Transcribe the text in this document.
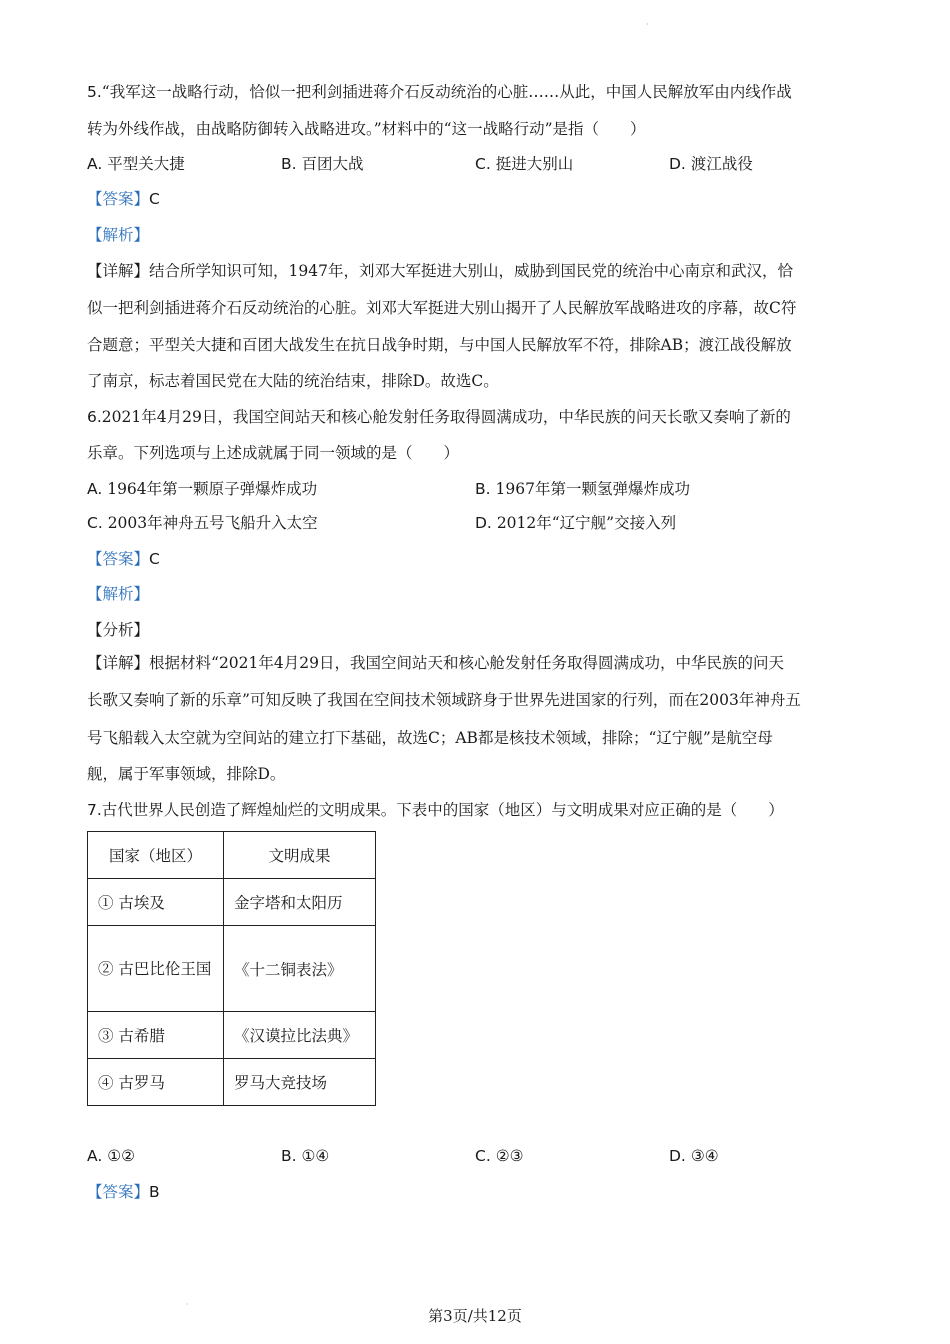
·
5.“我军这一战略行动，恰似一把利剑插进蒋介石反动统治的心脏……从此，中国人民解放军由内线作战
转为外线作战，由战略防御转入战略进攻。”材料中的“这一战略行动”是指（　　）
A. 平型关大捷	B. 百团大战	C. 挺进大别山	D. 渡江战役
【答案】C
【解析】
【详解】结合所学知识可知，1947年，刘邓大军挺进大别山，威胁到国民党的统治中心南京和武汉，恰
似一把利剑插进蒋介石反动统治的心脏。刘邓大军挺进大别山揭开了人民解放军战略进攻的序幕，故C符
合题意；平型关大捷和百团大战发生在抗日战争时期，与中国人民解放军不符，排除AB；渡江战役解放
了南京，标志着国民党在大陆的统治结束，排除D。故选C。
6.2021年4月29日，我国空间站天和核心舱发射任务取得圆满成功，中华民族的问天长歌又奏响了新的
乐章。下列选项与上述成就属于同一领域的是（　　）
A. 1964年第一颗原子弹爆炸成功	B. 1967年第一颗氢弹爆炸成功
C. 2003年神舟五号飞船升入太空	D. 2012年“辽宁舰”交接入列
【答案】C
【解析】
【分析】
【详解】根据材料“2021年4月29日，我国空间站天和核心舱发射任务取得圆满成功，中华民族的问天
长歌又奏响了新的乐章”可知反映了我国在空间技术领域跻身于世界先进国家的行列，而在2003年神舟五
号飞船载入太空就为空间站的建立打下基础，故选C；AB都是核技术领域，排除；“辽宁舰”是航空母
舰，属于军事领域，排除D。
7.古代世界人民创造了辉煌灿烂的文明成果。下表中的国家（地区）与文明成果对应正确的是（　　）
国家（地区）	文明成果
① 古埃及	金字塔和太阳历
② 古巴比伦王国	《十二铜表法》
③ 古希腊	《汉谟拉比法典》
④ 古罗马	罗马大竞技场
A. ①②	B. ①④	C. ②③	D. ③④
【答案】B
·
第3页/共12页
